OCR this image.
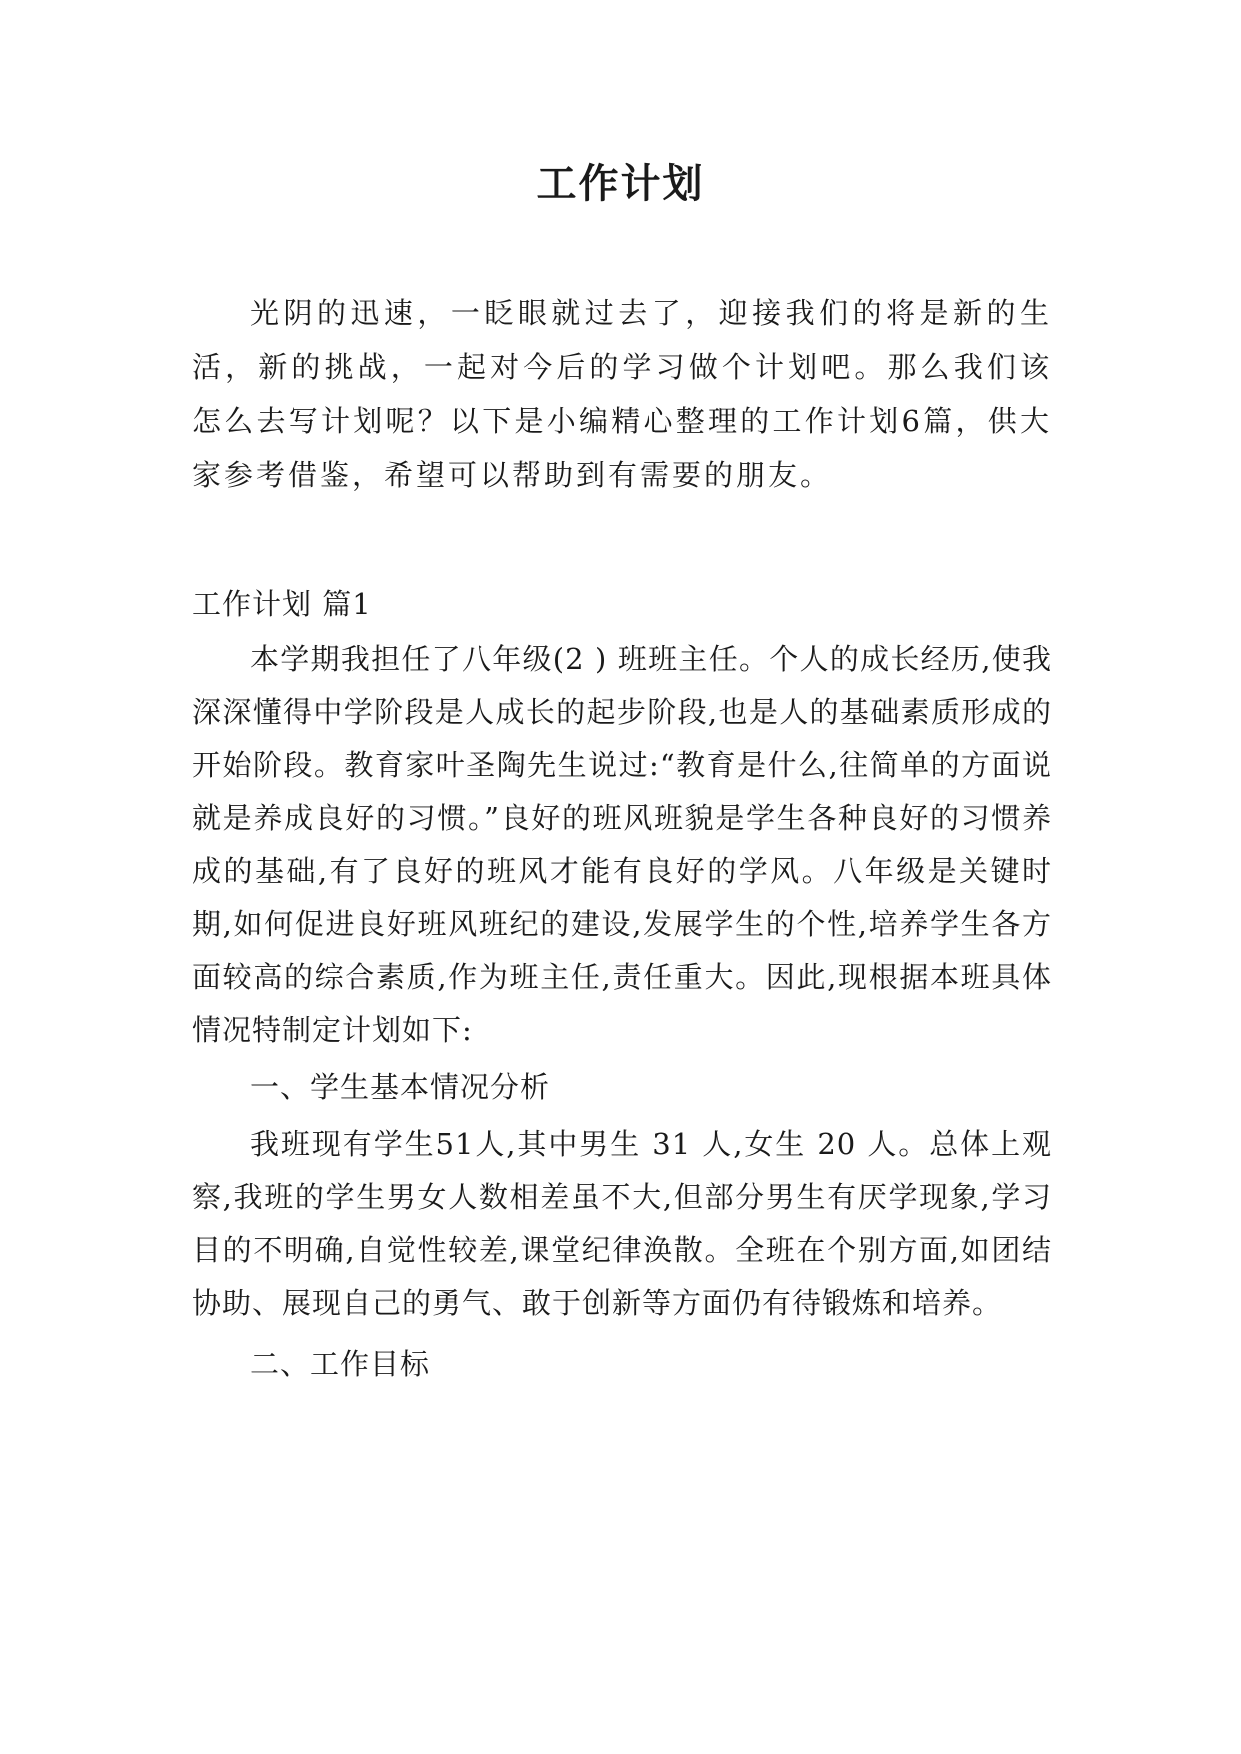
工作计划

光阴的迅速，一眨眼就过去了，迎接我们的将是新的生活，新的挑战，一起对今后的学习做个计划吧。那么我们该怎么去写计划呢？以下是小编精心整理的工作计划6篇，供大家参考借鉴，希望可以帮助到有需要的朋友。

工作计划 篇1

本学期我担任了八年级(2 ) 班班主任。个人的成长经历,使我深深懂得中学阶段是人成长的起步阶段,也是人的基础素质形成的开始阶段。教育家叶圣陶先生说过:“教育是什么,往简单的方面说就是养成良好的习惯。”良好的班风班貌是学生各种良好的习惯养成的基础,有了良好的班风才能有良好的学风。八年级是关键时期,如何促进良好班风班纪的建设,发展学生的个性,培养学生各方面较高的综合素质,作为班主任,责任重大。因此,现根据本班具体情况特制定计划如下:

一、学生基本情况分析

我班现有学生51人,其中男生 31 人,女生 20 人。总体上观察,我班的学生男女人数相差虽不大,但部分男生有厌学现象,学习目的不明确,自觉性较差,课堂纪律涣散。全班在个别方面,如团结协助、展现自己的勇气、敢于创新等方面仍有待锻炼和培养。

二、工作目标
